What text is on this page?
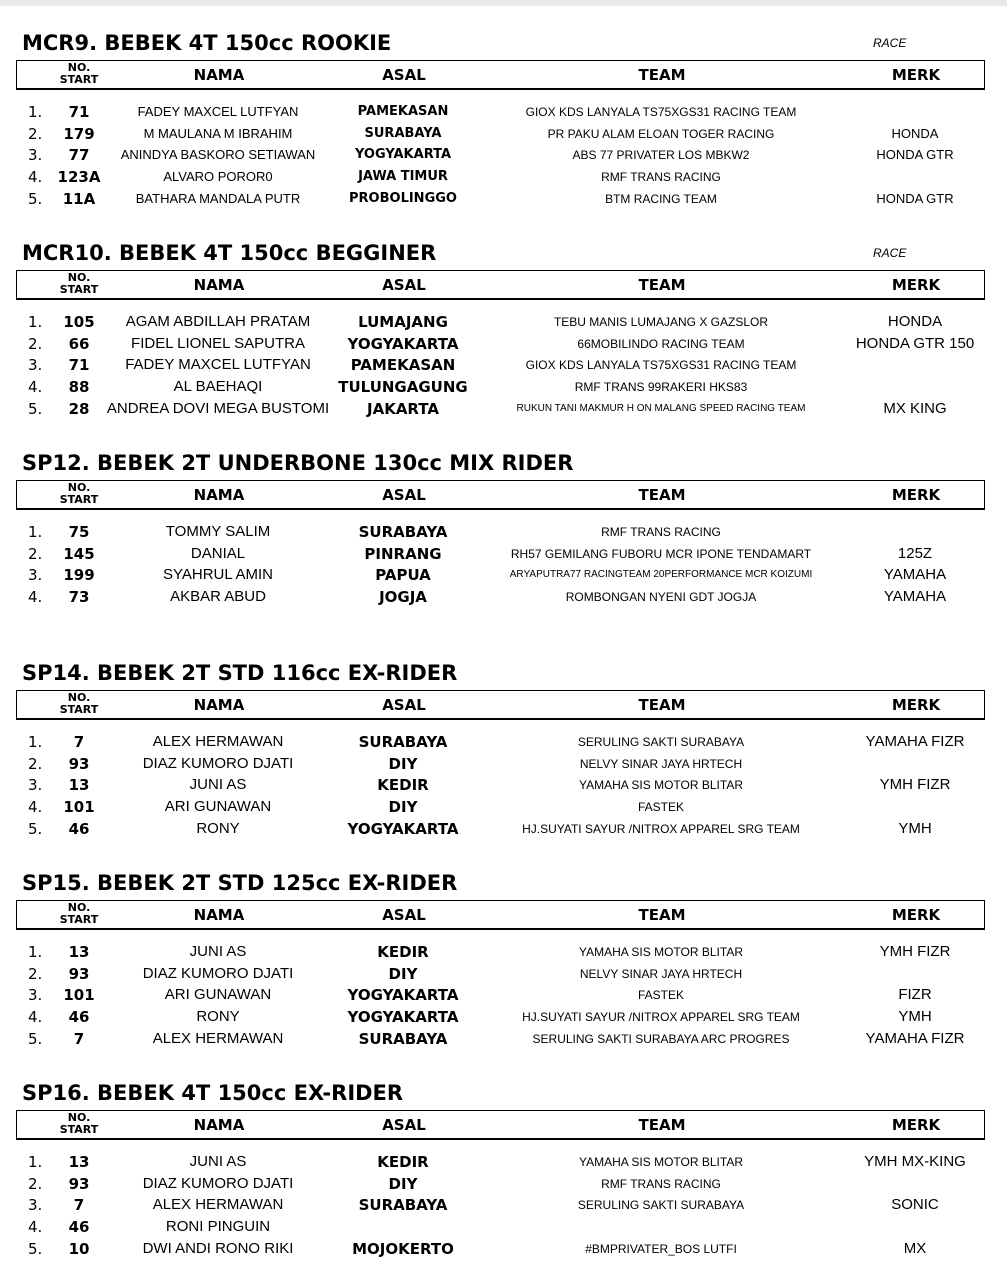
MCR9. BEBEK 4T 150cc ROOKIE	RACE
NO.
START	NAMA	ASAL	TEAM	MERK
1.	71	FADEY MAXCEL LUTFYAN	PAMEKASAN	GIOX KDS LANYALA TS75XGS31 RACING TEAM
2.	179	M MAULANA M IBRAHIM	SURABAYA	PR PAKU ALAM ELOAN TOGER RACING	HONDA
3.	77	ANINDYA BASKORO SETIAWAN	YOGYAKARTA	ABS 77 PRIVATER LOS MBKW2	HONDA GTR
4.	123A	ALVARO POROR0	JAWA TIMUR	RMF TRANS RACING
5.	11A	BATHARA MANDALA PUTR	PROBOLINGGO	BTM RACING TEAM	HONDA GTR
MCR10. BEBEK 4T 150cc BEGGINER	RACE
NO.
START	NAMA	ASAL	TEAM	MERK
1.	105	AGAM ABDILLAH PRATAM	LUMAJANG	TEBU MANIS LUMAJANG X GAZSLOR	HONDA
2.	66	FIDEL LIONEL SAPUTRA	YOGYAKARTA	66MOBILINDO RACING TEAM	HONDA GTR 150
3.	71	FADEY MAXCEL LUTFYAN	PAMEKASAN	GIOX KDS LANYALA TS75XGS31 RACING TEAM
4.	88	AL BAEHAQI	TULUNGAGUNG	RMF TRANS 99RAKERI HKS83
5.	28	ANDREA DOVI MEGA BUSTOMI	JAKARTA	RUKUN TANI MAKMUR H ON MALANG SPEED RACING TEAM	MX KING
SP12. BEBEK 2T UNDERBONE 130cc MIX RIDER
NO.
START	NAMA	ASAL	TEAM	MERK
1.	75	TOMMY SALIM	SURABAYA	RMF TRANS RACING
2.	145	DANIAL	PINRANG	RH57 GEMILANG FUBORU MCR IPONE TENDAMART	125Z
3.	199	SYAHRUL AMIN	PAPUA	ARYAPUTRA77 RACINGTEAM 20PERFORMANCE MCR KOIZUMI	YAMAHA
4.	73	AKBAR ABUD	JOGJA	ROMBONGAN NYENI GDT JOGJA	YAMAHA
SP14. BEBEK 2T STD 116cc EX-RIDER
NO.
START	NAMA	ASAL	TEAM	MERK
1.	7	ALEX HERMAWAN	SURABAYA	SERULING SAKTI SURABAYA	YAMAHA FIZR
2.	93	DIAZ KUMORO DJATI	DIY	NELVY SINAR JAYA HRTECH
3.	13	JUNI AS	KEDIR	YAMAHA SIS MOTOR BLITAR	YMH FIZR
4.	101	ARI GUNAWAN	DIY	FASTEK
5.	46	RONY	YOGYAKARTA	HJ.SUYATI SAYUR /NITROX APPAREL SRG TEAM	YMH
SP15. BEBEK 2T STD 125cc EX-RIDER
NO.
START	NAMA	ASAL	TEAM	MERK
1.	13	JUNI AS	KEDIR	YAMAHA SIS MOTOR BLITAR	YMH FIZR
2.	93	DIAZ KUMORO DJATI	DIY	NELVY SINAR JAYA HRTECH
3.	101	ARI GUNAWAN	YOGYAKARTA	FASTEK	FIZR
4.	46	RONY	YOGYAKARTA	HJ.SUYATI SAYUR /NITROX APPAREL SRG TEAM	YMH
5.	7	ALEX HERMAWAN	SURABAYA	SERULING SAKTI SURABAYA ARC PROGRES	YAMAHA FIZR
SP16. BEBEK 4T 150cc EX-RIDER
NO.
START	NAMA	ASAL	TEAM	MERK
1.	13	JUNI AS	KEDIR	YAMAHA SIS MOTOR BLITAR	YMH MX-KING
2.	93	DIAZ KUMORO DJATI	DIY	RMF TRANS RACING
3.	7	ALEX HERMAWAN	SURABAYA	SERULING SAKTI SURABAYA	SONIC
4.	46	RONI PINGUIN
5.	10	DWI ANDI RONO RIKI	MOJOKERTO	#BMPRIVATER_BOS LUTFI	MX
